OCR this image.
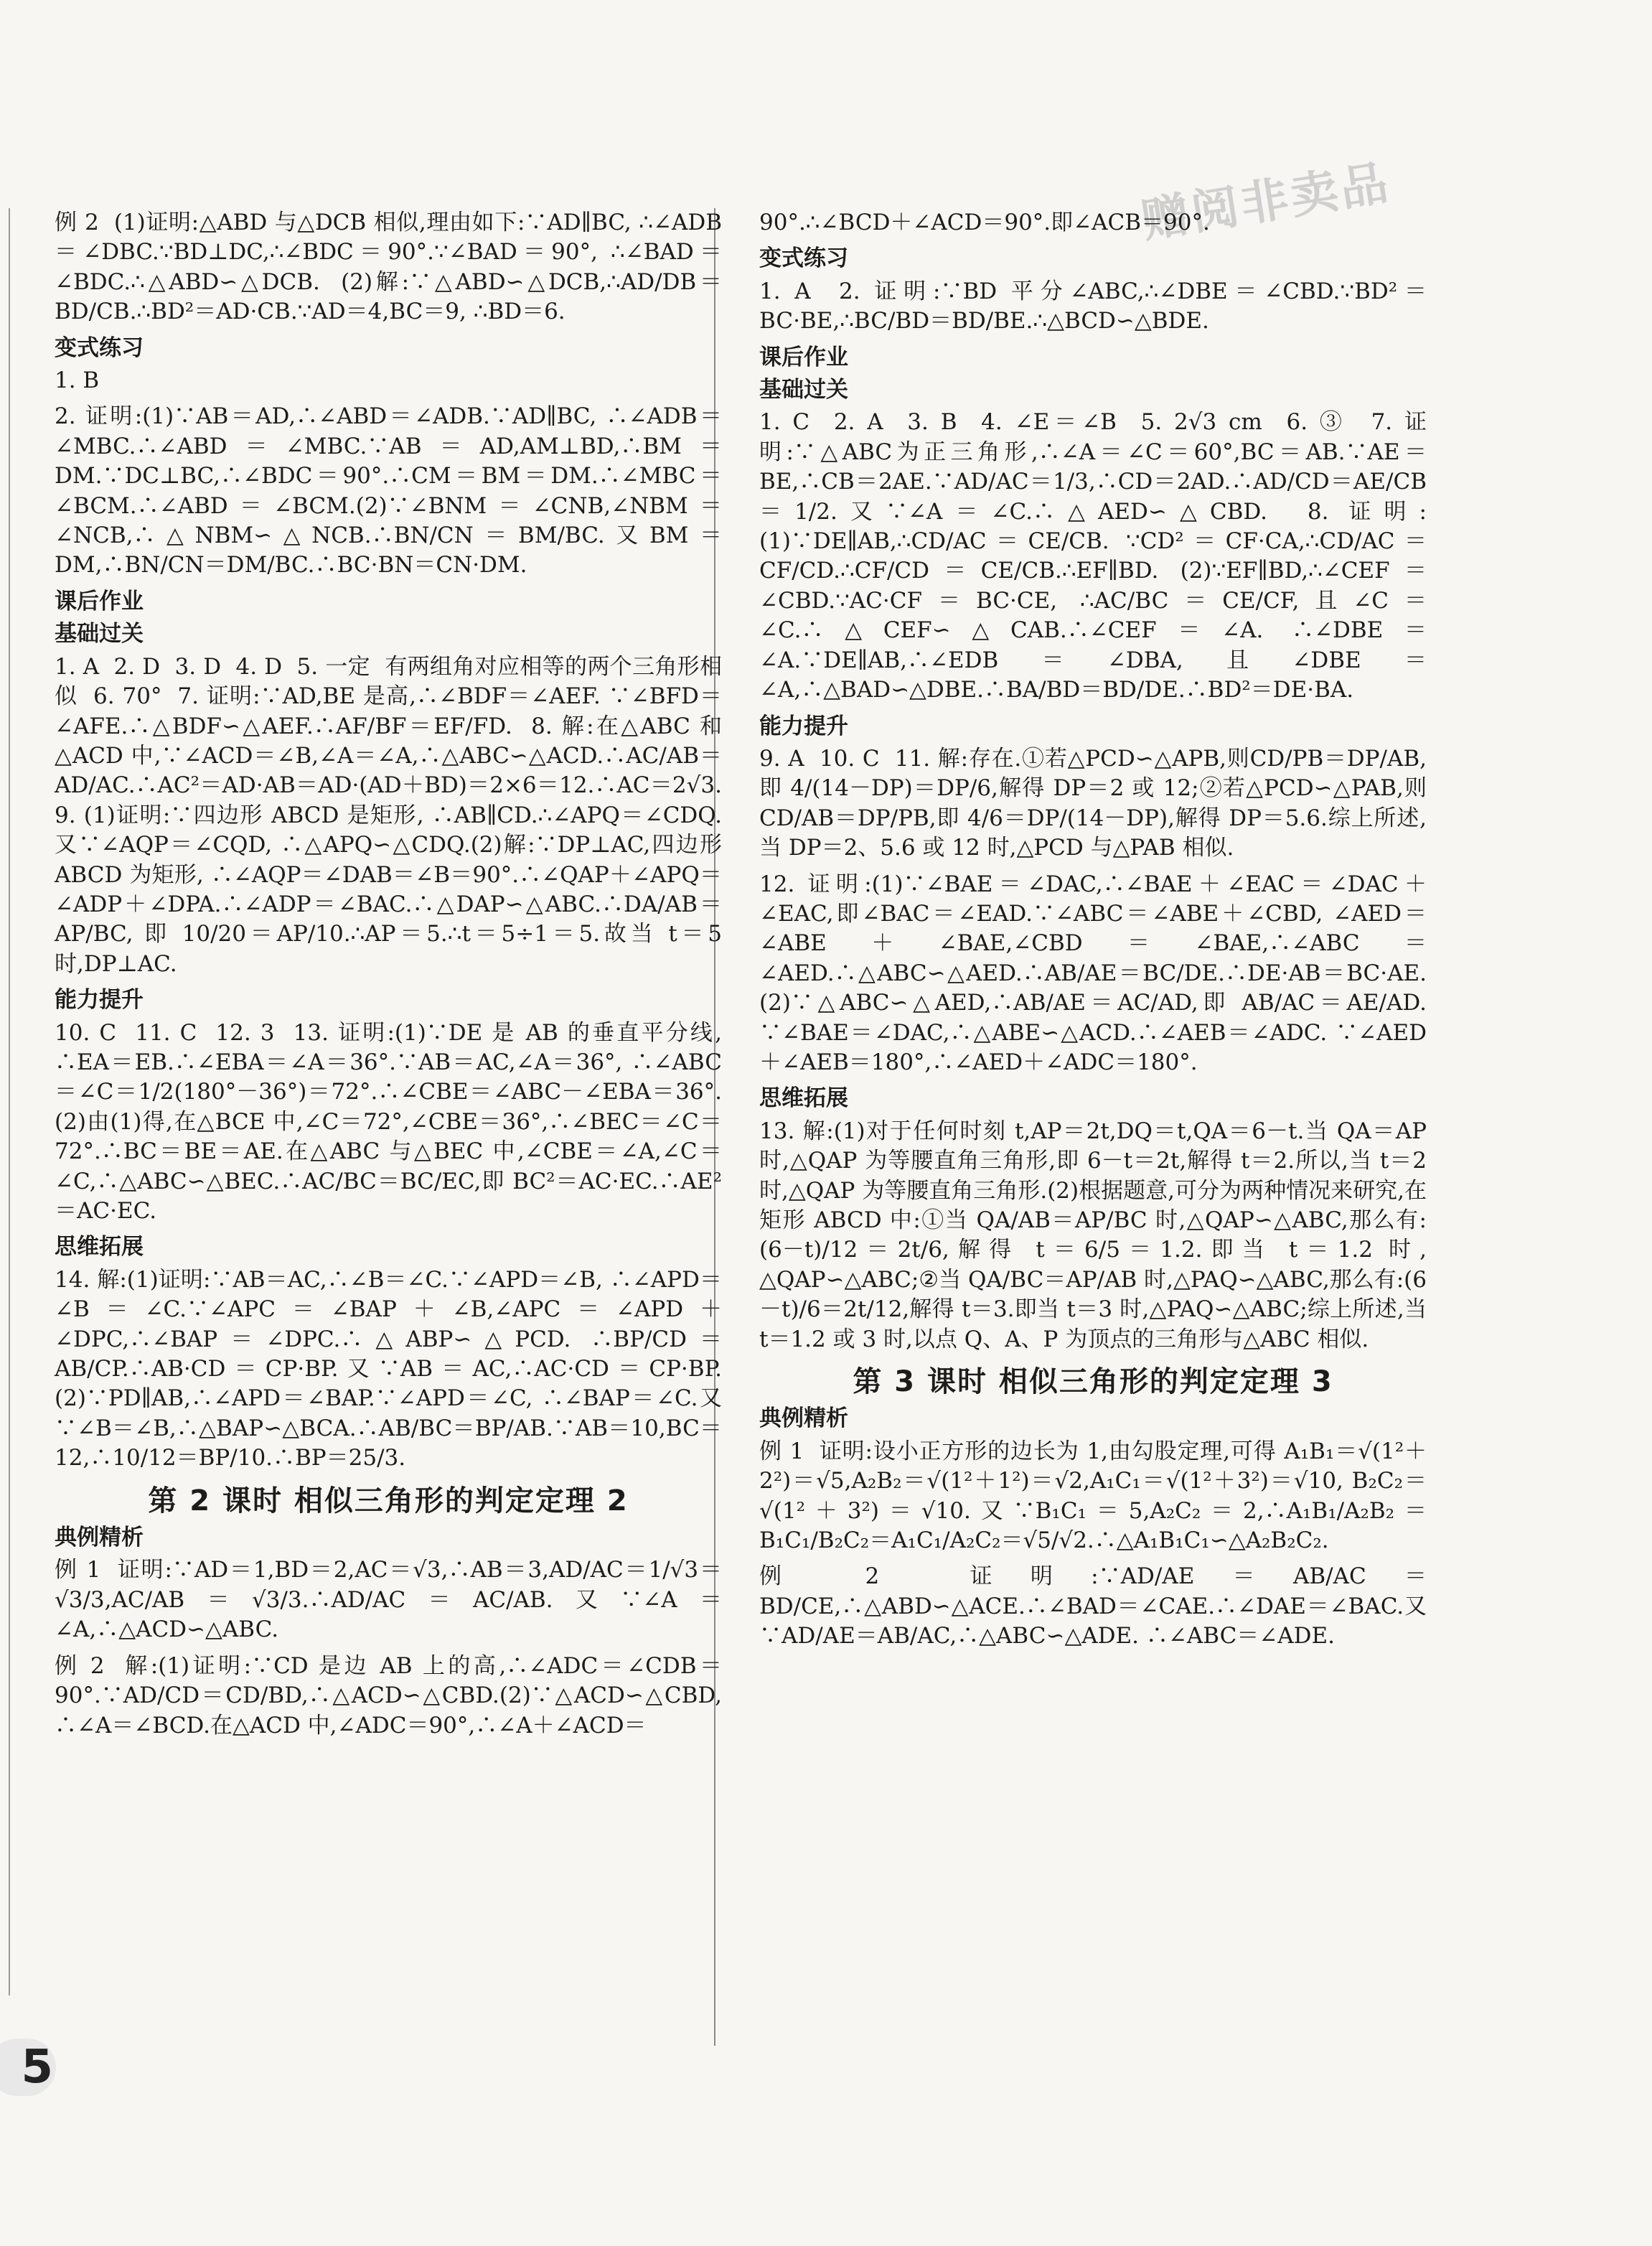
赠阅非卖品

例 2  (1)证明:△ABD 与△DCB 相似,理由如下:∵AD∥BC, ∴∠ADB＝∠DBC.∵BD⊥DC,∴∠BDC＝90°.∵∠BAD＝90°, ∴∠BAD＝∠BDC.∴△ABD∽△DCB.  (2)解:∵△ABD∽△DCB,∴AD/DB＝BD/CB.∴BD²＝AD·CB.∵AD＝4,BC＝9, ∴BD＝6.

变式练习

1. B

2. 证明:(1)∵AB＝AD,∴∠ABD＝∠ADB.∵AD∥BC, ∴∠ADB＝∠MBC.∴∠ABD＝∠MBC.∵AB＝AD,AM⊥BD,∴BM＝DM.∵DC⊥BC,∴∠BDC＝90°.∴CM＝BM＝DM.∴∠MBC＝∠BCM.∴∠ABD＝∠BCM.(2)∵∠BNM＝∠CNB,∠NBM＝∠NCB,∴△NBM∽△NCB.∴BN/CN＝BM/BC.又BM＝DM,∴BN/CN＝DM/BC.∴BC·BN＝CN·DM.

课后作业
基础过关

1. A  2. D  3. D  4. D  5. 一定  有两组角对应相等的两个三角形相似  6. 70°  7. 证明:∵AD,BE 是高,∴∠BDF＝∠AEF. ∵∠BFD＝∠AFE.∴△BDF∽△AEF.∴AF/BF＝EF/FD.  8. 解:在△ABC 和△ACD 中,∵∠ACD＝∠B,∠A＝∠A,∴△ABC∽△ACD.∴AC/AB＝AD/AC.∴AC²＝AD·AB＝AD·(AD＋BD)＝2×6＝12.∴AC＝2√3.  9. (1)证明:∵四边形 ABCD 是矩形, ∴AB∥CD.∴∠APQ＝∠CDQ.又∵∠AQP＝∠CQD, ∴△APQ∽△CDQ.(2)解:∵DP⊥AC,四边形 ABCD 为矩形, ∴∠AQP＝∠DAB＝∠B＝90°.∴∠QAP＋∠APQ＝∠ADP＋∠DPA.∴∠ADP＝∠BAC.∴△DAP∽△ABC.∴DA/AB＝AP/BC, 即 10/20＝AP/10.∴AP＝5.∴t＝5÷1＝5.故当 t＝5 时,DP⊥AC.

能力提升

10. C  11. C  12. 3  13. 证明:(1)∵DE 是 AB 的垂直平分线, ∴EA＝EB.∴∠EBA＝∠A＝36°.∵AB＝AC,∠A＝36°, ∴∠ABC＝∠C＝1/2(180°－36°)＝72°.∴∠CBE＝∠ABC－∠EBA＝36°.(2)由(1)得,在△BCE 中,∠C＝72°,∠CBE＝36°,∴∠BEC＝∠C＝72°.∴BC＝BE＝AE.在△ABC 与△BEC 中,∠CBE＝∠A,∠C＝∠C,∴△ABC∽△BEC.∴AC/BC＝BC/EC,即 BC²＝AC·EC.∴AE²＝AC·EC.

思维拓展

14. 解:(1)证明:∵AB＝AC,∴∠B＝∠C.∵∠APD＝∠B, ∴∠APD＝∠B＝∠C.∵∠APC＝∠BAP＋∠B,∠APC＝∠APD＋∠DPC,∴∠BAP＝∠DPC.∴△ABP∽△PCD. ∴BP/CD＝AB/CP.∴AB·CD＝CP·BP.又∵AB＝AC,∴AC·CD＝CP·BP.(2)∵PD∥AB,∴∠APD＝∠BAP.∵∠APD＝∠C, ∴∠BAP＝∠C.又∵∠B＝∠B,∴△BAP∽△BCA.∴AB/BC＝BP/AB.∵AB＝10,BC＝12,∴10/12＝BP/10.∴BP＝25/3.

第 2 课时 相似三角形的判定定理 2
典例精析

例 1  证明:∵AD＝1,BD＝2,AC＝√3,∴AB＝3,AD/AC＝1/√3＝√3/3,AC/AB＝√3/3.∴AD/AC＝AC/AB.又∵∠A＝∠A,∴△ACD∽△ABC.

例 2  解:(1)证明:∵CD 是边 AB 上的高,∴∠ADC＝∠CDB＝90°.∵AD/CD＝CD/BD,∴△ACD∽△CBD.(2)∵△ACD∽△CBD, ∴∠A＝∠BCD.在△ACD 中,∠ADC＝90°,∴∠A＋∠ACD＝

90°.∴∠BCD＋∠ACD＝90°.即∠ACB＝90°.

变式练习

1. A  2. 证明:∵BD 平分∠ABC,∴∠DBE＝∠CBD.∵BD²＝BC·BE,∴BC/BD＝BD/BE.∴△BCD∽△BDE.

课后作业
基础过关

1. C  2. A  3. B  4. ∠E＝∠B  5. 2√3 cm  6. ③  7. 证明:∵△ABC为正三角形,∴∠A＝∠C＝60°,BC＝AB.∵AE＝BE,∴CB＝2AE.∵AD/AC＝1/3,∴CD＝2AD.∴AD/CD＝AE/CB＝1/2.又∵∠A＝∠C.∴△AED∽△CBD.  8. 证明:(1)∵DE∥AB,∴CD/AC＝CE/CB. ∵CD²＝CF·CA,∴CD/AC＝CF/CD.∴CF/CD＝CE/CB.∴EF∥BD. (2)∵EF∥BD,∴∠CEF＝∠CBD.∵AC·CF＝BC·CE, ∴AC/BC＝CE/CF,且∠C＝∠C.∴△CEF∽△CAB.∴∠CEF＝∠A. ∴∠DBE＝∠A.∵DE∥AB,∴∠EDB＝∠DBA,且∠DBE＝∠A,∴△BAD∽△DBE.∴BA/BD＝BD/DE.∴BD²＝DE·BA.

能力提升

9. A  10. C  11. 解:存在.①若△PCD∽△APB,则CD/PB＝DP/AB,即 4/(14－DP)＝DP/6,解得 DP＝2 或 12;②若△PCD∽△PAB,则 CD/AB＝DP/PB,即 4/6＝DP/(14－DP),解得 DP＝5.6.综上所述,当 DP＝2、5.6 或 12 时,△PCD 与△PAB 相似.

12. 证明:(1)∵∠BAE＝∠DAC,∴∠BAE＋∠EAC＝∠DAC＋∠EAC,即∠BAC＝∠EAD.∵∠ABC＝∠ABE＋∠CBD, ∠AED＝∠ABE＋∠BAE,∠CBD＝∠BAE,∴∠ABC＝∠AED.∴△ABC∽△AED.∴AB/AE＝BC/DE.∴DE·AB＝BC·AE.(2)∵△ABC∽△AED,∴AB/AE＝AC/AD,即 AB/AC＝AE/AD. ∵∠BAE＝∠DAC,∴△ABE∽△ACD.∴∠AEB＝∠ADC. ∵∠AED＋∠AEB＝180°,∴∠AED＋∠ADC＝180°.

思维拓展

13. 解:(1)对于任何时刻 t,AP＝2t,DQ＝t,QA＝6－t.当 QA＝AP 时,△QAP 为等腰直角三角形,即 6－t＝2t,解得 t＝2.所以,当 t＝2 时,△QAP 为等腰直角三角形.(2)根据题意,可分为两种情况来研究,在矩形 ABCD 中:①当 QA/AB＝AP/BC 时,△QAP∽△ABC,那么有:(6－t)/12＝2t/6,解得 t＝6/5＝1.2.即当 t＝1.2 时, △QAP∽△ABC;②当 QA/BC＝AP/AB 时,△PAQ∽△ABC,那么有:(6－t)/6＝2t/12,解得 t＝3.即当 t＝3 时,△PAQ∽△ABC;综上所述,当 t＝1.2 或 3 时,以点 Q、A、P 为顶点的三角形与△ABC 相似.

第 3 课时 相似三角形的判定定理 3
典例精析

例 1  证明:设小正方形的边长为 1,由勾股定理,可得 A₁B₁＝√(1²＋2²)＝√5,A₂B₂＝√(1²＋1²)＝√2,A₁C₁＝√(1²＋3²)＝√10, B₂C₂＝√(1²＋3²)＝√10.又∵B₁C₁＝5,A₂C₂＝2,∴A₁B₁/A₂B₂＝B₁C₁/B₂C₂＝A₁C₁/A₂C₂＝√5/√2.∴△A₁B₁C₁∽△A₂B₂C₂.

例 2  证明:∵AD/AE＝AB/AC＝BD/CE,∴△ABD∽△ACE.∴∠BAD＝∠CAE.∴∠DAE＝∠BAC.又∵AD/AE＝AB/AC,∴△ABC∽△ADE. ∴∠ABC＝∠ADE.

5
